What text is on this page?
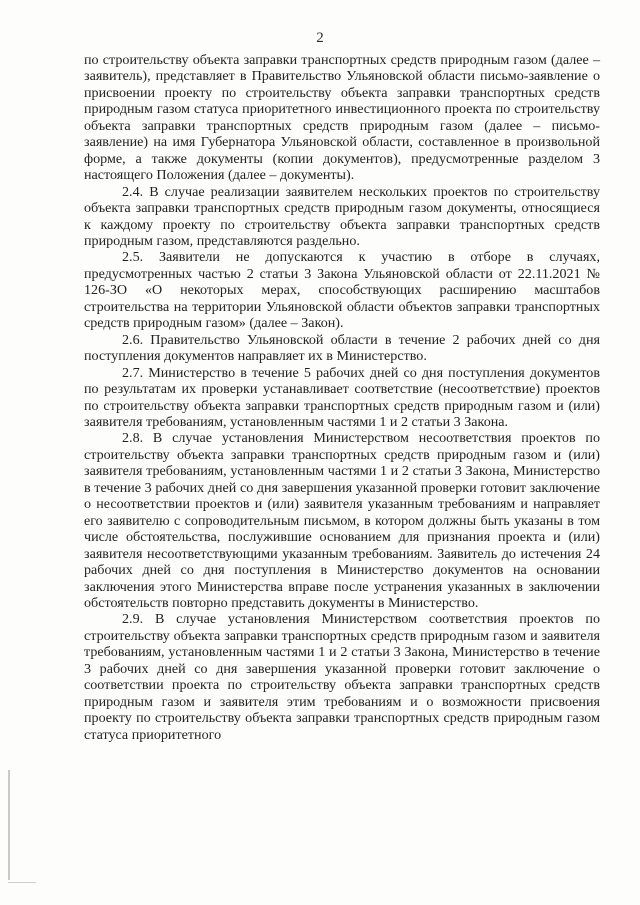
2

по строительству объекта заправки транспортных средств природным газом (далее – заявитель), представляет в Правительство Ульяновской области письмо-заявление о присвоении проекту по строительству объекта заправки транспортных средств природным газом статуса приоритетного инвестиционного проекта по строительству объекта заправки транспортных средств природным газом (далее – письмо-заявление) на имя Губернатора Ульяновской области, составленное в произвольной форме, а также документы (копии документов), предусмотренные разделом 3 настоящего Положения (далее – документы).

2.4. В случае реализации заявителем нескольких проектов по строительству объекта заправки транспортных средств природным газом документы, относящиеся к каждому проекту по строительству объекта заправки транспортных средств природным газом, представляются раздельно.

2.5. Заявители не допускаются к участию в отборе в случаях, предусмотренных частью 2 статьи 3 Закона Ульяновской области от 22.11.2021 № 126-ЗО «О некоторых мерах, способствующих расширению масштабов строительства на территории Ульяновской области объектов заправки транспортных средств природным газом» (далее – Закон).

2.6. Правительство Ульяновской области в течение 2 рабочих дней со дня поступления документов направляет их в Министерство.

2.7. Министерство в течение 5 рабочих дней со дня поступления документов по результатам их проверки устанавливает соответствие (несоответствие) проектов по строительству объекта заправки транспортных средств природным газом и (или) заявителя требованиям, установленным частями 1 и 2 статьи 3 Закона.

2.8. В случае установления Министерством несоответствия проектов по строительству объекта заправки транспортных средств природным газом и (или) заявителя требованиям, установленным частями 1 и 2 статьи 3 Закона, Министерство в течение 3 рабочих дней со дня завершения указанной проверки готовит заключение о несоответствии проектов и (или) заявителя указанным требованиям и направляет его заявителю с сопроводительным письмом, в котором должны быть указаны в том числе обстоятельства, послужившие основанием для признания проекта и (или) заявителя несоответствующими указанным требованиям. Заявитель до истечения 24 рабочих дней со дня поступления в Министерство документов на основании заключения этого Министерства вправе после устранения указанных в заключении обстоятельств повторно представить документы в Министерство.

2.9. В случае установления Министерством соответствия проектов по строительству объекта заправки транспортных средств природным газом и заявителя требованиям, установленным частями 1 и 2 статьи 3 Закона, Министерство в течение 3 рабочих дней со дня завершения указанной проверки готовит заключение о соответствии проекта по строительству объекта заправки транспортных средств природным газом и заявителя этим требованиям и о возможности присвоения проекту по строительству объекта заправки транспортных средств природным газом статуса приоритетного
